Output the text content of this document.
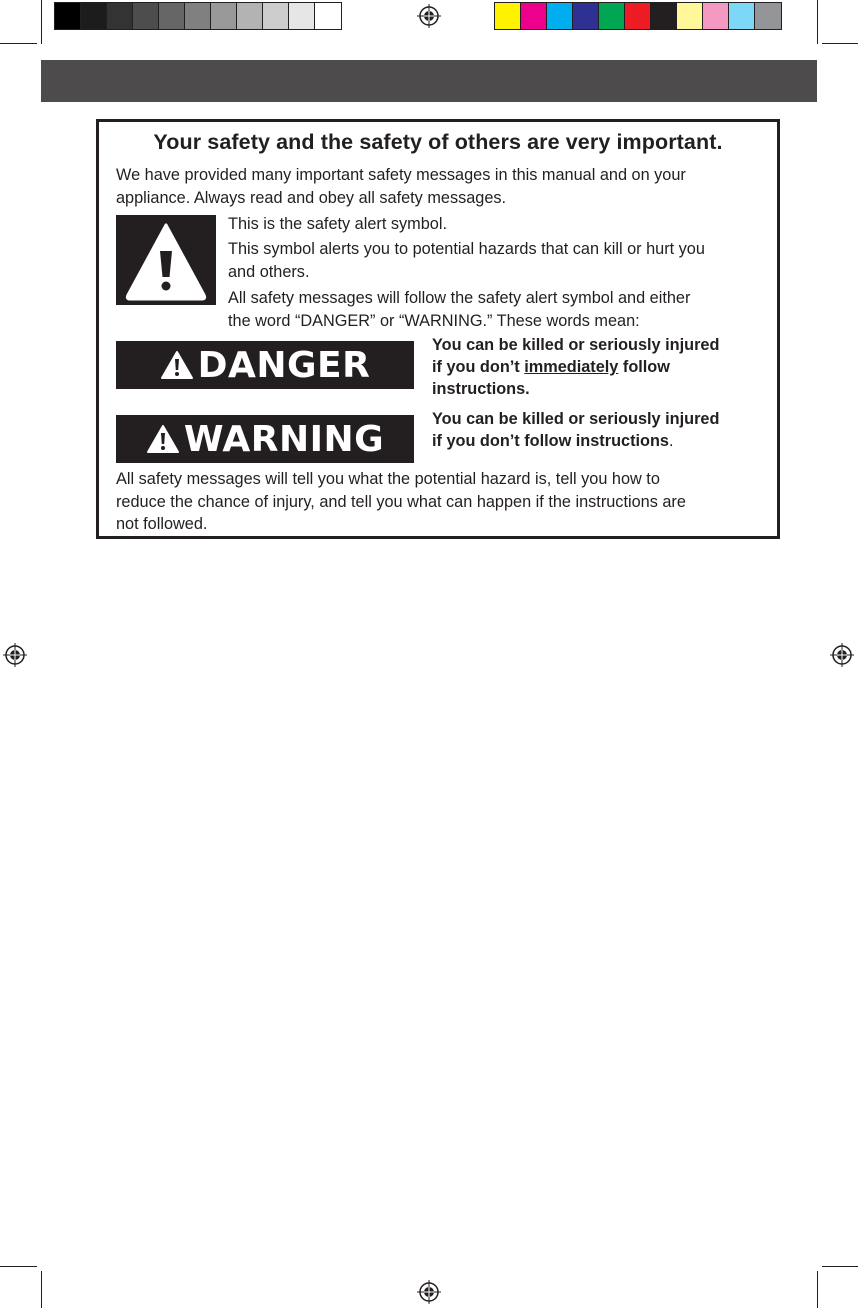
Your safety and the safety of others are very important.
We have provided many important safety messages in this manual and on your
appliance. Always read and obey all safety messages.
This is the safety alert symbol.
This symbol alerts you to potential hazards that can kill or hurt you
and others.
All safety messages will follow the safety alert symbol and either
the word “DANGER” or “WARNING.” These words mean:
DANGER	You can be killed or seriously injured
if you don’t immediately follow
instructions.
WARNING	You can be killed or seriously injured
if you don’t follow instructions.
All safety messages will tell you what the potential hazard is, tell you how to
reduce the chance of injury, and tell you what can happen if the instructions are
not followed.
